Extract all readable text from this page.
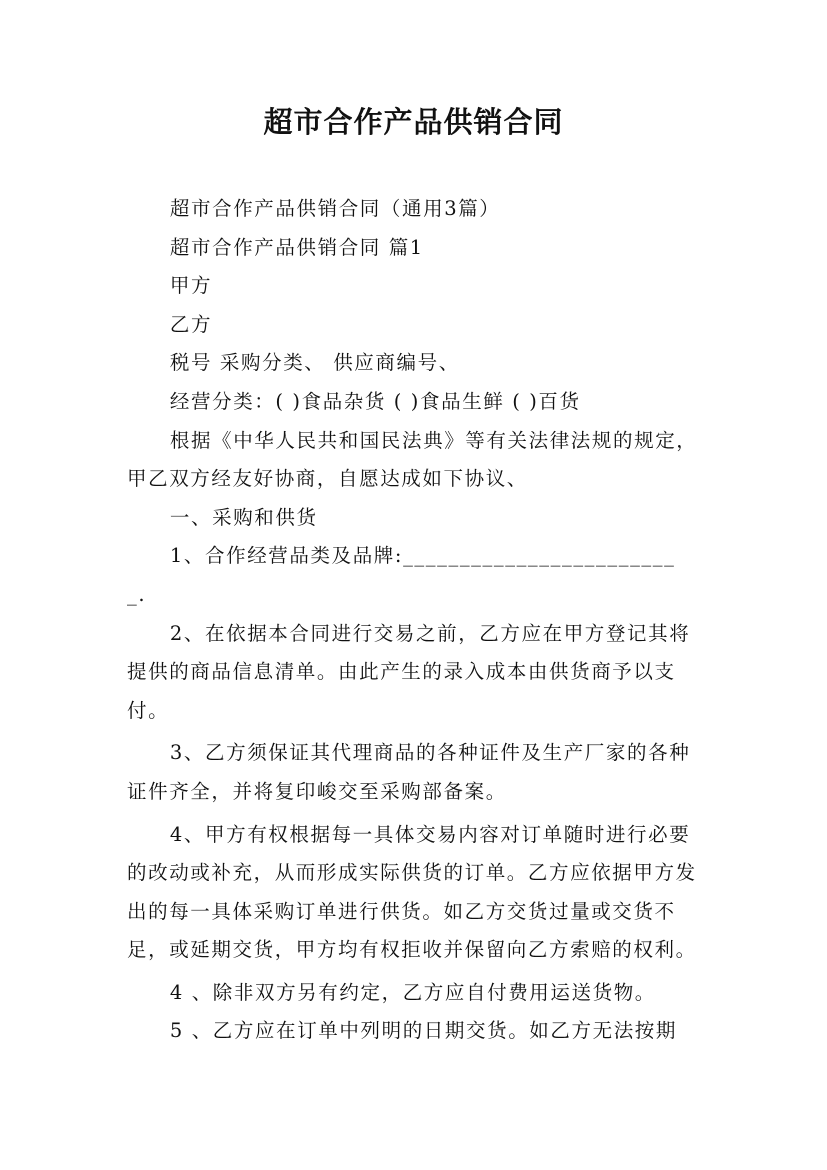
超市合作产品供销合同

超市合作产品供销合同（通用3篇）

超市合作产品供销合同 篇1

甲方

乙方

税号 采购分类、 供应商编号、

经营分类：( )食品杂货 ( )食品生鲜 ( )百货

根据《中华人民共和国民法典》等有关法律法规的规定，甲乙双方经友好协商，自愿达成如下协议、

一、采购和供货

1、合作经营品类及品牌:________________________ _.

2、在依据本合同进行交易之前，乙方应在甲方登记其将提供的商品信息清单。由此产生的录入成本由供货商予以支付。

3、乙方须保证其代理商品的各种证件及生产厂家的各种证件齐全，并将复印峻交至采购部备案。

4、甲方有权根据每一具体交易内容对订单随时进行必要的改动或补充，从而形成实际供货的订单。乙方应依据甲方发出的每一具体采购订单进行供货。如乙方交货过量或交货不足，或延期交货，甲方均有权拒收并保留向乙方索赔的权利。

4 、除非双方另有约定，乙方应自付费用运送货物。

5 、乙方应在订单中列明的日期交货。如乙方无法按期
